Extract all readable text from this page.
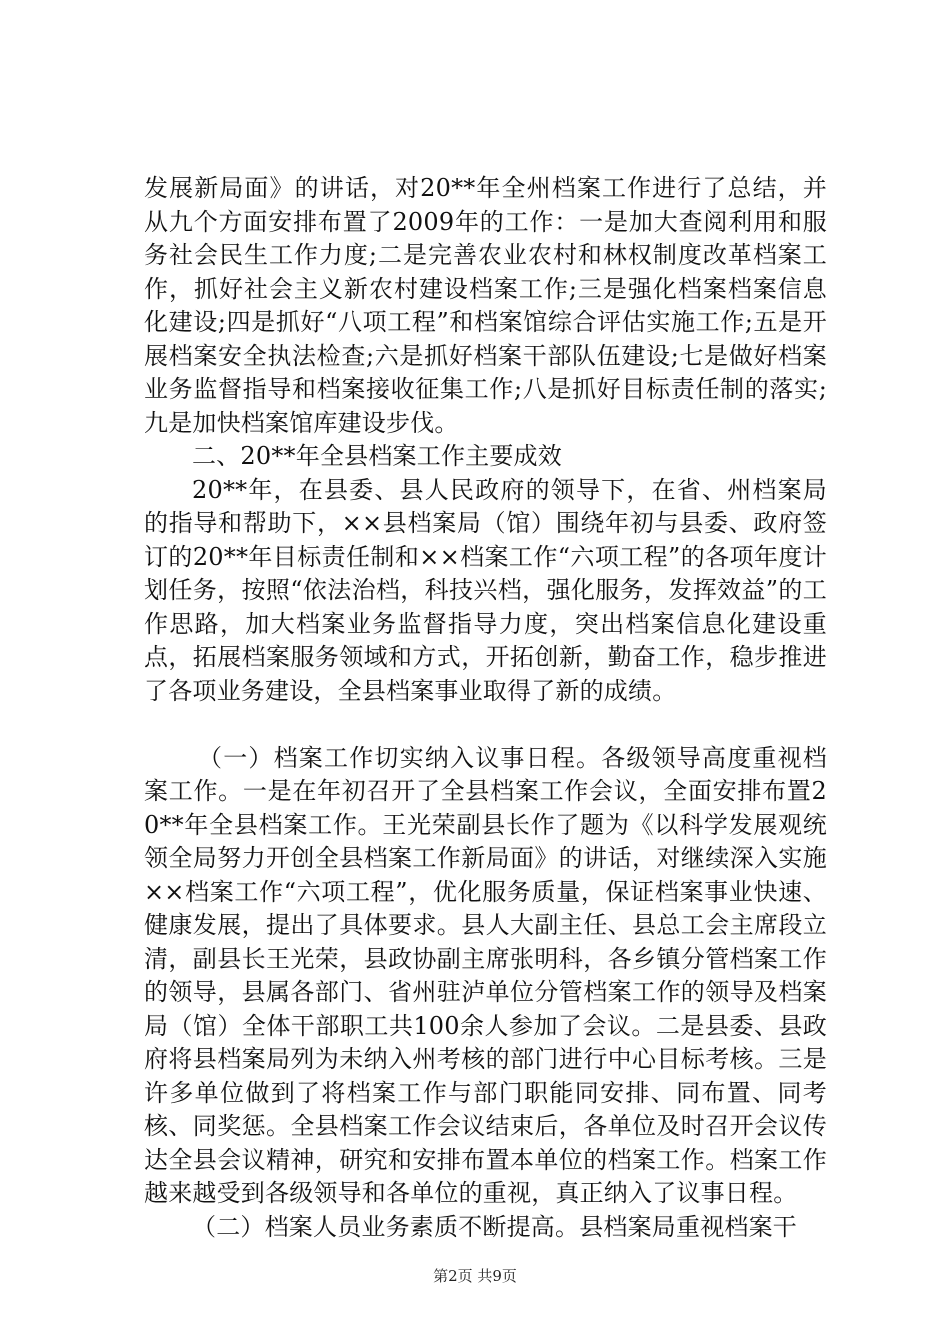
发展新局面》的讲话，对20**年全州档案工作进行了总结，并从九个方面安排布置了2009年的工作：一是加大查阅利用和服务社会民生工作力度;二是完善农业农村和林权制度改革档案工作，抓好社会主义新农村建设档案工作;三是强化档案档案信息化建设;四是抓好“八项工程”和档案馆综合评估实施工作;五是开展档案安全执法检查;六是抓好档案干部队伍建设;七是做好档案业务监督指导和档案接收征集工作;八是抓好目标责任制的落实;九是加快档案馆库建设步伐。

二、20**年全县档案工作主要成效

20**年，在县委、县人民政府的领导下，在省、州档案局的指导和帮助下，××县档案局（馆）围绕年初与县委、政府签订的20**年目标责任制和××档案工作“六项工程”的各项年度计划任务，按照“依法治档，科技兴档，强化服务，发挥效益”的工作思路，加大档案业务监督指导力度，突出档案信息化建设重点，拓展档案服务领域和方式，开拓创新，勤奋工作，稳步推进了各项业务建设，全县档案事业取得了新的成绩。

（一）档案工作切实纳入议事日程。各级领导高度重视档案工作。一是在年初召开了全县档案工作会议，全面安排布置20**年全县档案工作。王光荣副县长作了题为《以科学发展观统领全局努力开创全县档案工作新局面》的讲话，对继续深入实施××档案工作“六项工程”，优化服务质量，保证档案事业快速、健康发展，提出了具体要求。县人大副主任、县总工会主席段立清，副县长王光荣，县政协副主席张明科，各乡镇分管档案工作的领导，县属各部门、省州驻泸单位分管档案工作的领导及档案局（馆）全体干部职工共100余人参加了会议。二是县委、县政府将县档案局列为未纳入州考核的部门进行中心目标考核。三是许多单位做到了将档案工作与部门职能同安排、同布置、同考核、同奖惩。全县档案工作会议结束后，各单位及时召开会议传达全县会议精神，研究和安排布置本单位的档案工作。档案工作越来越受到各级领导和各单位的重视，真正纳入了议事日程。

（二）档案人员业务素质不断提高。县档案局重视档案干

第2页 共9页
